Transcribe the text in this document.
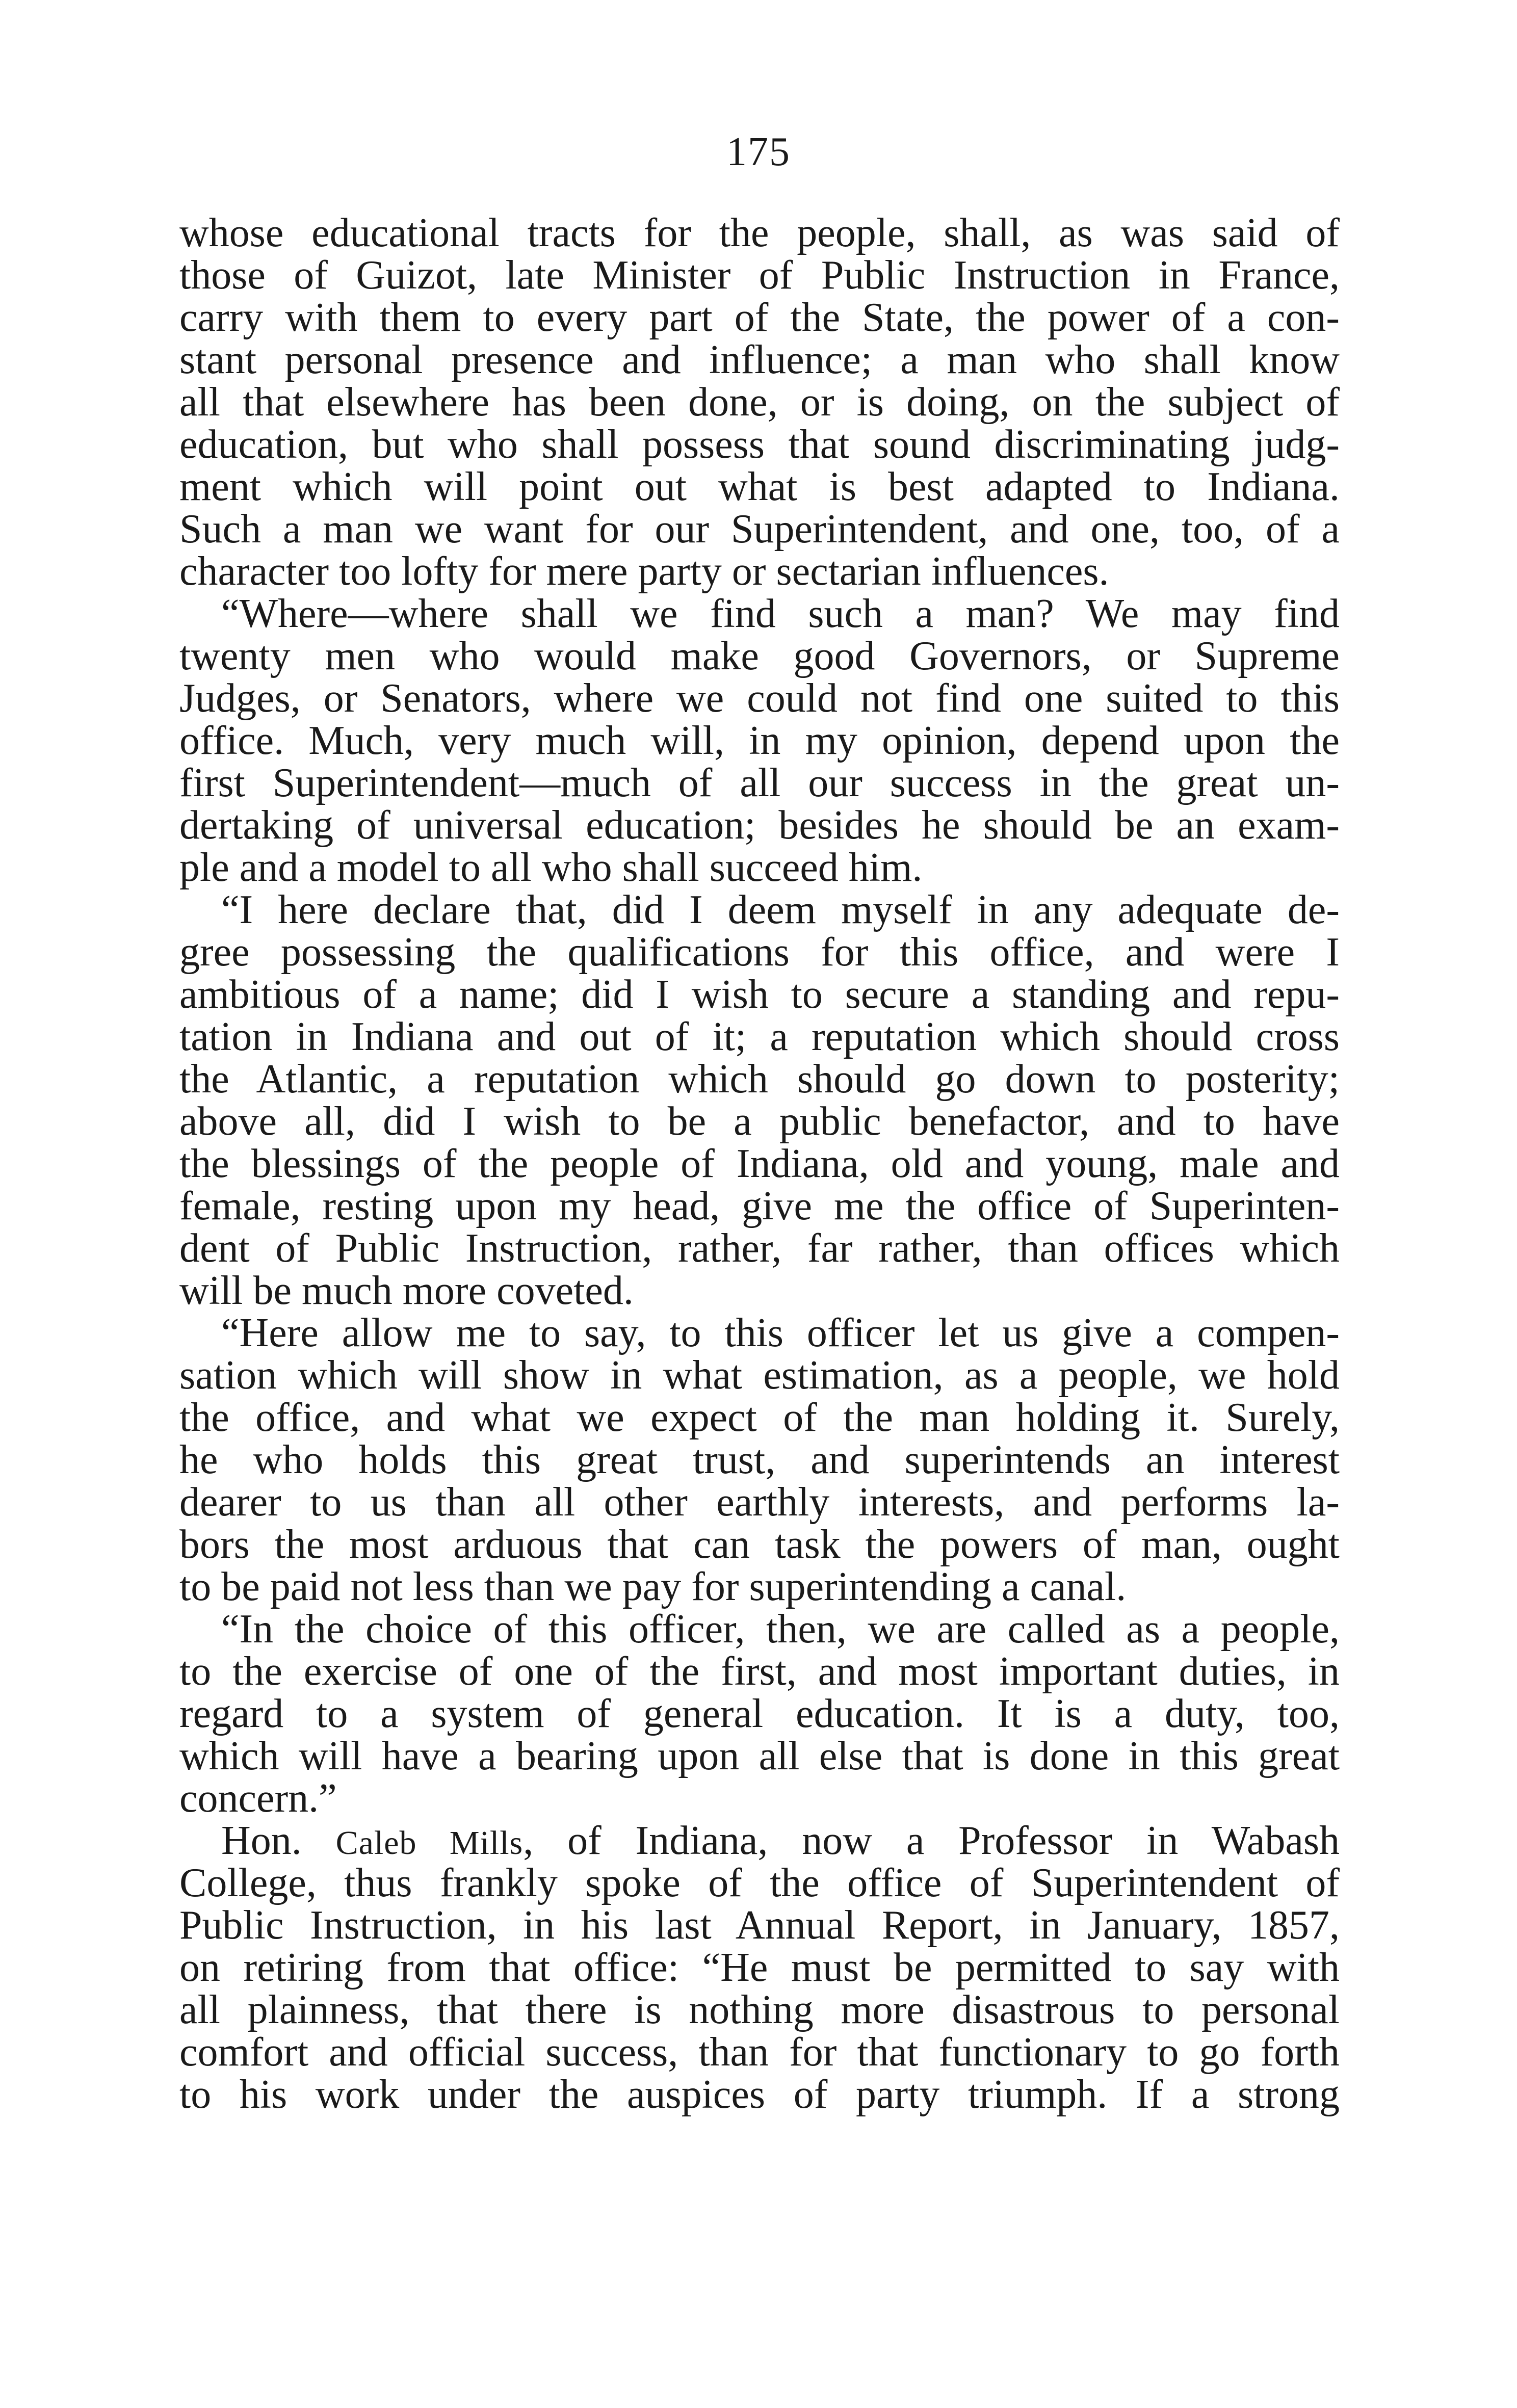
175
whose educational tracts for the people, shall, as was said of
those of Guizot, late Minister of Public Instruction in France,
carry with them to every part of the State, the power of a con-
stant personal presence and influence; a man who shall know
all that elsewhere has been done, or is doing, on the subject of
education, but who shall possess that sound discriminating judg-
ment which will point out what is best adapted to Indiana.
Such a man we want for our Superintendent, and one, too, of a
character too lofty for mere party or sectarian influences.
“Where—where shall we find such a man? We may find
twenty men who would make good Governors, or Supreme
Judges, or Senators, where we could not find one suited to this
office. Much, very much will, in my opinion, depend upon the
first Superintendent—much of all our success in the great un-
dertaking of universal education; besides he should be an exam-
ple and a model to all who shall succeed him.
“I here declare that, did I deem myself in any adequate de-
gree possessing the qualifications for this office, and were I
ambitious of a name; did I wish to secure a standing and repu-
tation in Indiana and out of it; a reputation which should cross
the Atlantic, a reputation which should go down to posterity;
above all, did I wish to be a public benefactor, and to have
the blessings of the people of Indiana, old and young, male and
female, resting upon my head, give me the office of Superinten-
dent of Public Instruction, rather, far rather, than offices which
will be much more coveted.
“Here allow me to say, to this officer let us give a compen-
sation which will show in what estimation, as a people, we hold
the office, and what we expect of the man holding it. Surely,
he who holds this great trust, and superintends an interest
dearer to us than all other earthly interests, and performs la-
bors the most arduous that can task the powers of man, ought
to be paid not less than we pay for superintending a canal.
“In the choice of this officer, then, we are called as a people,
to the exercise of one of the first, and most important duties, in
regard to a system of general education. It is a duty, too,
which will have a bearing upon all else that is done in this great
concern.”
Hon. Caleb Mills, of Indiana, now a Professor in Wabash
College, thus frankly spoke of the office of Superintendent of
Public Instruction, in his last Annual Report, in January, 1857,
on retiring from that office: “He must be permitted to say with
all plainness, that there is nothing more disastrous to personal
comfort and official success, than for that functionary to go forth
to his work under the auspices of party triumph. If a strong
